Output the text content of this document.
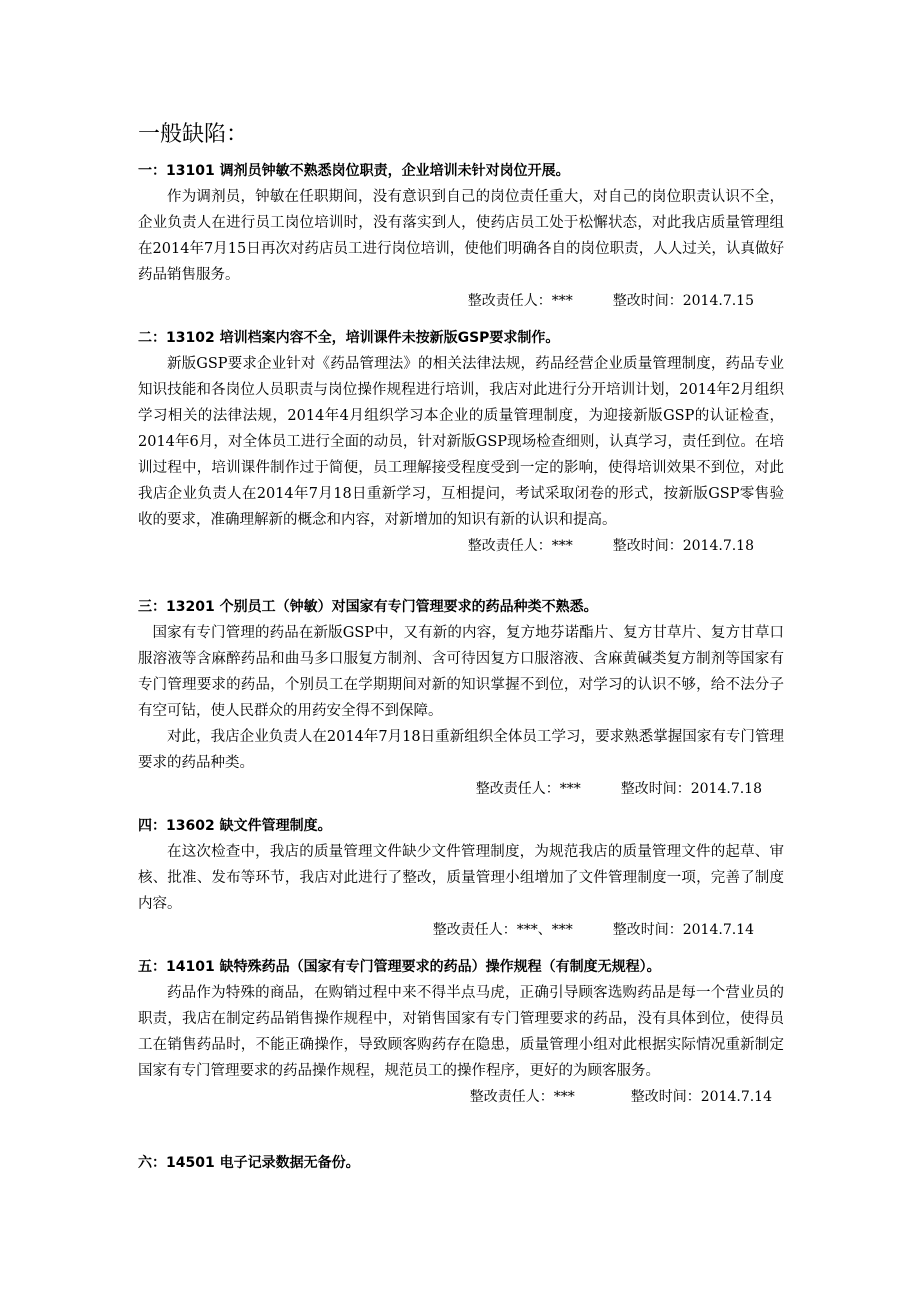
一般缺陷：

一：13101 调剂员钟敏不熟悉岗位职责，企业培训未针对岗位开展。

作为调剂员，钟敏在任职期间，没有意识到自己的岗位责任重大，对自己的岗位职责认识不全，企业负责人在进行员工岗位培训时，没有落实到人，使药店员工处于松懈状态，对此我店质量管理组在2014年7月15日再次对药店员工进行岗位培训，使他们明确各自的岗位职责，人人过关，认真做好药品销售服务。

整改责任人：***	整改时间：2014.7.15

二：13102 培训档案内容不全，培训课件未按新版GSP要求制作。

新版GSP要求企业针对《药品管理法》的相关法律法规，药品经营企业质量管理制度，药品专业知识技能和各岗位人员职责与岗位操作规程进行培训，我店对此进行分开培训计划，2014年2月组织学习相关的法律法规，2014年4月组织学习本企业的质量管理制度，为迎接新版GSP的认证检查，2014年6月，对全体员工进行全面的动员，针对新版GSP现场检查细则，认真学习，责任到位。在培训过程中，培训课件制作过于简便，员工理解接受程度受到一定的影响，使得培训效果不到位，对此我店企业负责人在2014年7月18日重新学习，互相提问，考试采取闭卷的形式，按新版GSP零售验收的要求，准确理解新的概念和内容，对新增加的知识有新的认识和提高。

整改责任人：***	整改时间：2014.7.18

三：13201 个别员工（钟敏）对国家有专门管理要求的药品种类不熟悉。

国家有专门管理的药品在新版GSP中，又有新的内容，复方地芬诺酯片、复方甘草片、复方甘草口服溶液等含麻醉药品和曲马多口服复方制剂、含可待因复方口服溶液、含麻黄碱类复方制剂等国家有专门管理要求的药品，个别员工在学期期间对新的知识掌握不到位，对学习的认识不够，给不法分子有空可钻，使人民群众的用药安全得不到保障。

对此，我店企业负责人在2014年7月18日重新组织全体员工学习，要求熟悉掌握国家有专门管理要求的药品种类。

整改责任人：***	整改时间：2014.7.18

四：13602 缺文件管理制度。

在这次检查中，我店的质量管理文件缺少文件管理制度，为规范我店的质量管理文件的起草、审核、批准、发布等环节，我店对此进行了整改，质量管理小组增加了文件管理制度一项，完善了制度内容。

整改责任人：***、***	整改时间：2014.7.14

五：14101 缺特殊药品（国家有专门管理要求的药品）操作规程（有制度无规程）。

药品作为特殊的商品，在购销过程中来不得半点马虎，正确引导顾客选购药品是每一个营业员的职责，我店在制定药品销售操作规程中，对销售国家有专门管理要求的药品，没有具体到位，使得员工在销售药品时，不能正确操作，导致顾客购药存在隐患，质量管理小组对此根据实际情况重新制定国家有专门管理要求的药品操作规程，规范员工的操作程序，更好的为顾客服务。

整改责任人：***	整改时间：2014.7.14

六：14501 电子记录数据无备份。
